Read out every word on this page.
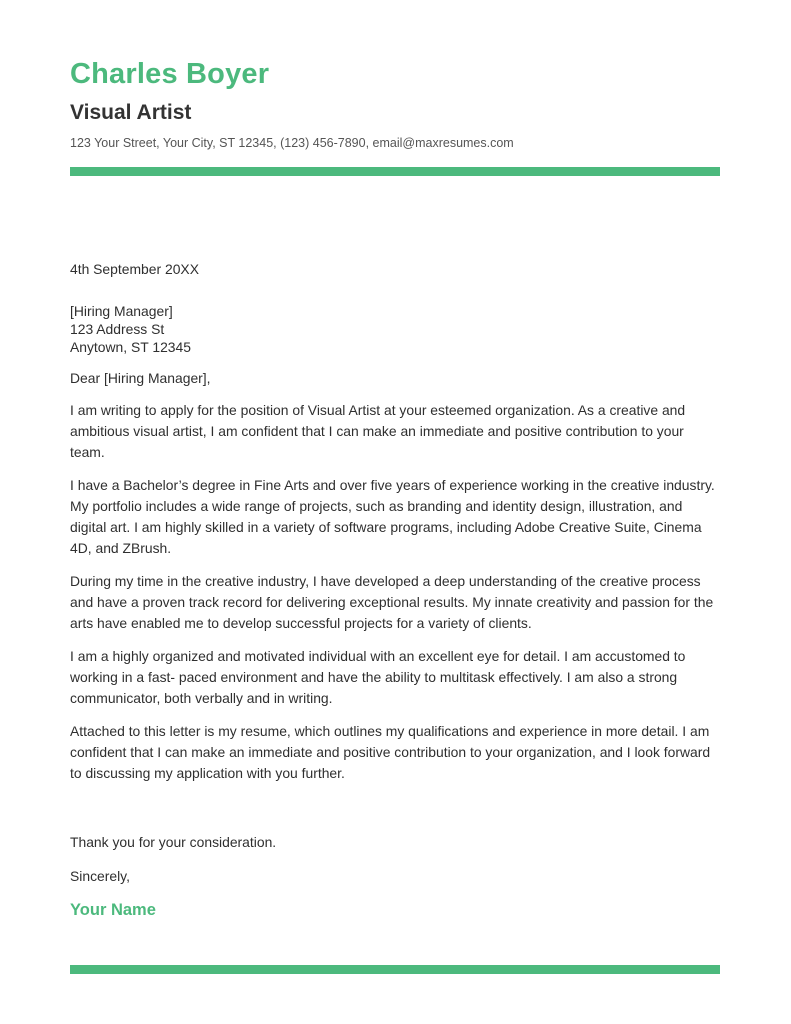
Charles Boyer
Visual Artist
123 Your Street, Your City, ST 12345, (123) 456-7890, email@maxresumes.com
4th September 20XX
[Hiring Manager]
123 Address St
Anytown, ST 12345
Dear [Hiring Manager],

I am writing to apply for the position of Visual Artist at your esteemed organization. As a creative and ambitious visual artist, I am confident that I can make an immediate and positive contribution to your team.

I have a Bachelor’s degree in Fine Arts and over five years of experience working in the creative industry. My portfolio includes a wide range of projects, such as branding and identity design, illustration, and digital art. I am highly skilled in a variety of software programs, including Adobe Creative Suite, Cinema 4D, and ZBrush.

During my time in the creative industry, I have developed a deep understanding of the creative process and have a proven track record for delivering exceptional results. My innate creativity and passion for the arts have enabled me to develop successful projects for a variety of clients.

I am a highly organized and motivated individual with an excellent eye for detail. I am accustomed to working in a fast- paced environment and have the ability to multitask effectively. I am also a strong communicator, both verbally and in writing.

Attached to this letter is my resume, which outlines my qualifications and experience in more detail. I am confident that I can make an immediate and positive contribution to your organization, and I look forward to discussing my application with you further.

Thank you for your consideration.
Sincerely,
Your Name
